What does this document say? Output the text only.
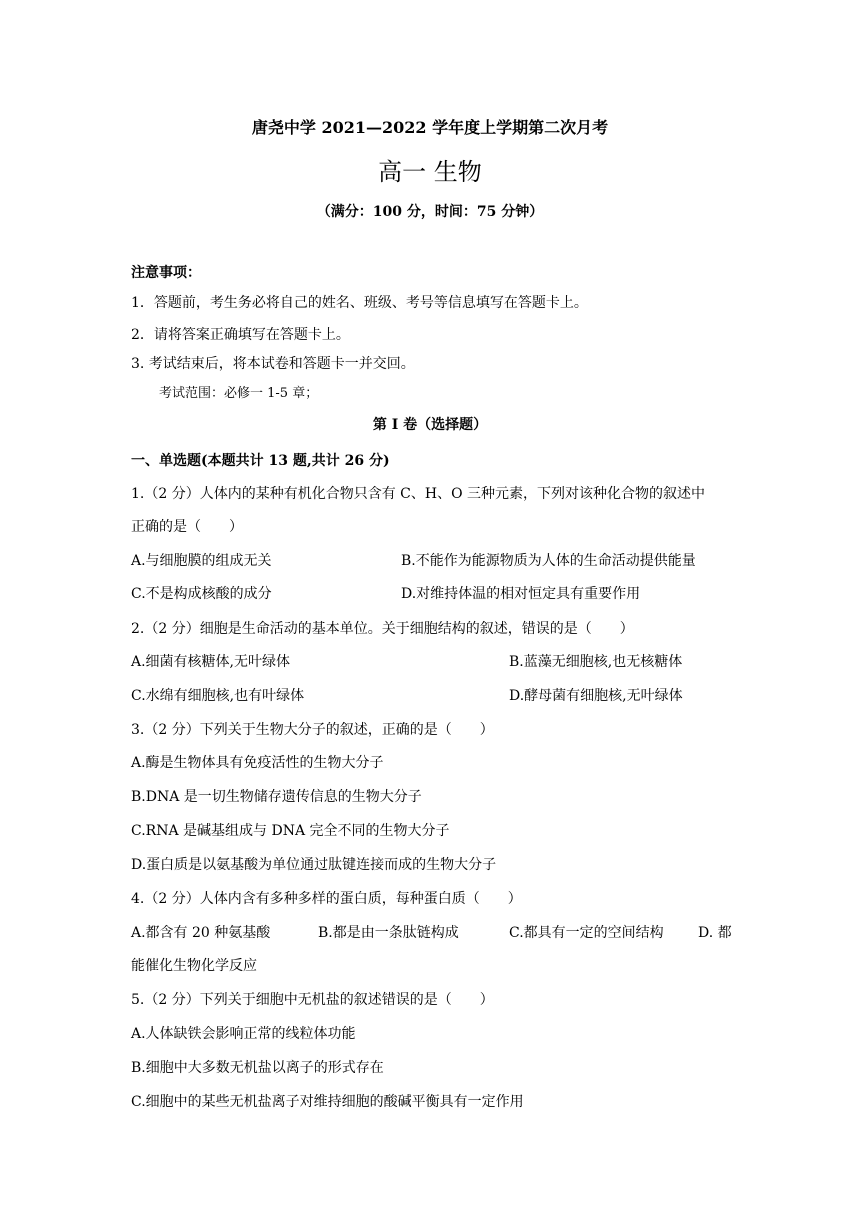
唐尧中学 2021—2022 学年度上学期第二次月考
高一 生物
（满分：100 分，时间：75 分钟）
注意事项：
1．答题前，考生务必将自己的姓名、班级、考号等信息填写在答题卡上。
2．请将答案正确填写在答题卡上。
3. 考试结束后，将本试卷和答题卡一并交回。
考试范围：必修一 1-5 章；
第 I 卷（选择题）
一、单选题(本题共计 13 题,共计 26 分)
1.（2 分）人体内的某种有机化合物只含有 C、H、O 三种元素，下列对该种化合物的叙述中
正确的是（　　）
A.与细胞膜的组成无关	B.不能作为能源物质为人体的生命活动提供能量
C.不是构成核酸的成分	D.对维持体温的相对恒定具有重要作用
2.（2 分）细胞是生命活动的基本单位。关于细胞结构的叙述，错误的是（　　）
A.细菌有核糖体,无叶绿体	B.蓝藻无细胞核,也无核糖体
C.水绵有细胞核,也有叶绿体	D.酵母菌有细胞核,无叶绿体
3.（2 分）下列关于生物大分子的叙述，正确的是（　　）
A.酶是生物体具有免疫活性的生物大分子
B.DNA 是一切生物储存遗传信息的生物大分子
C.RNA 是碱基组成与 DNA 完全不同的生物大分子
D.蛋白质是以氨基酸为单位通过肽键连接而成的生物大分子
4.（2 分）人体内含有多种多样的蛋白质，每种蛋白质（　　）
A.都含有 20 种氨基酸	B.都是由一条肽链构成	C.都具有一定的空间结构 D. 都
能催化生物化学反应
5.（2 分）下列关于细胞中无机盐的叙述错误的是（　　）
A.人体缺铁会影响正常的线粒体功能
B.细胞中大多数无机盐以离子的形式存在
C.细胞中的某些无机盐离子对维持细胞的酸碱平衡具有一定作用
